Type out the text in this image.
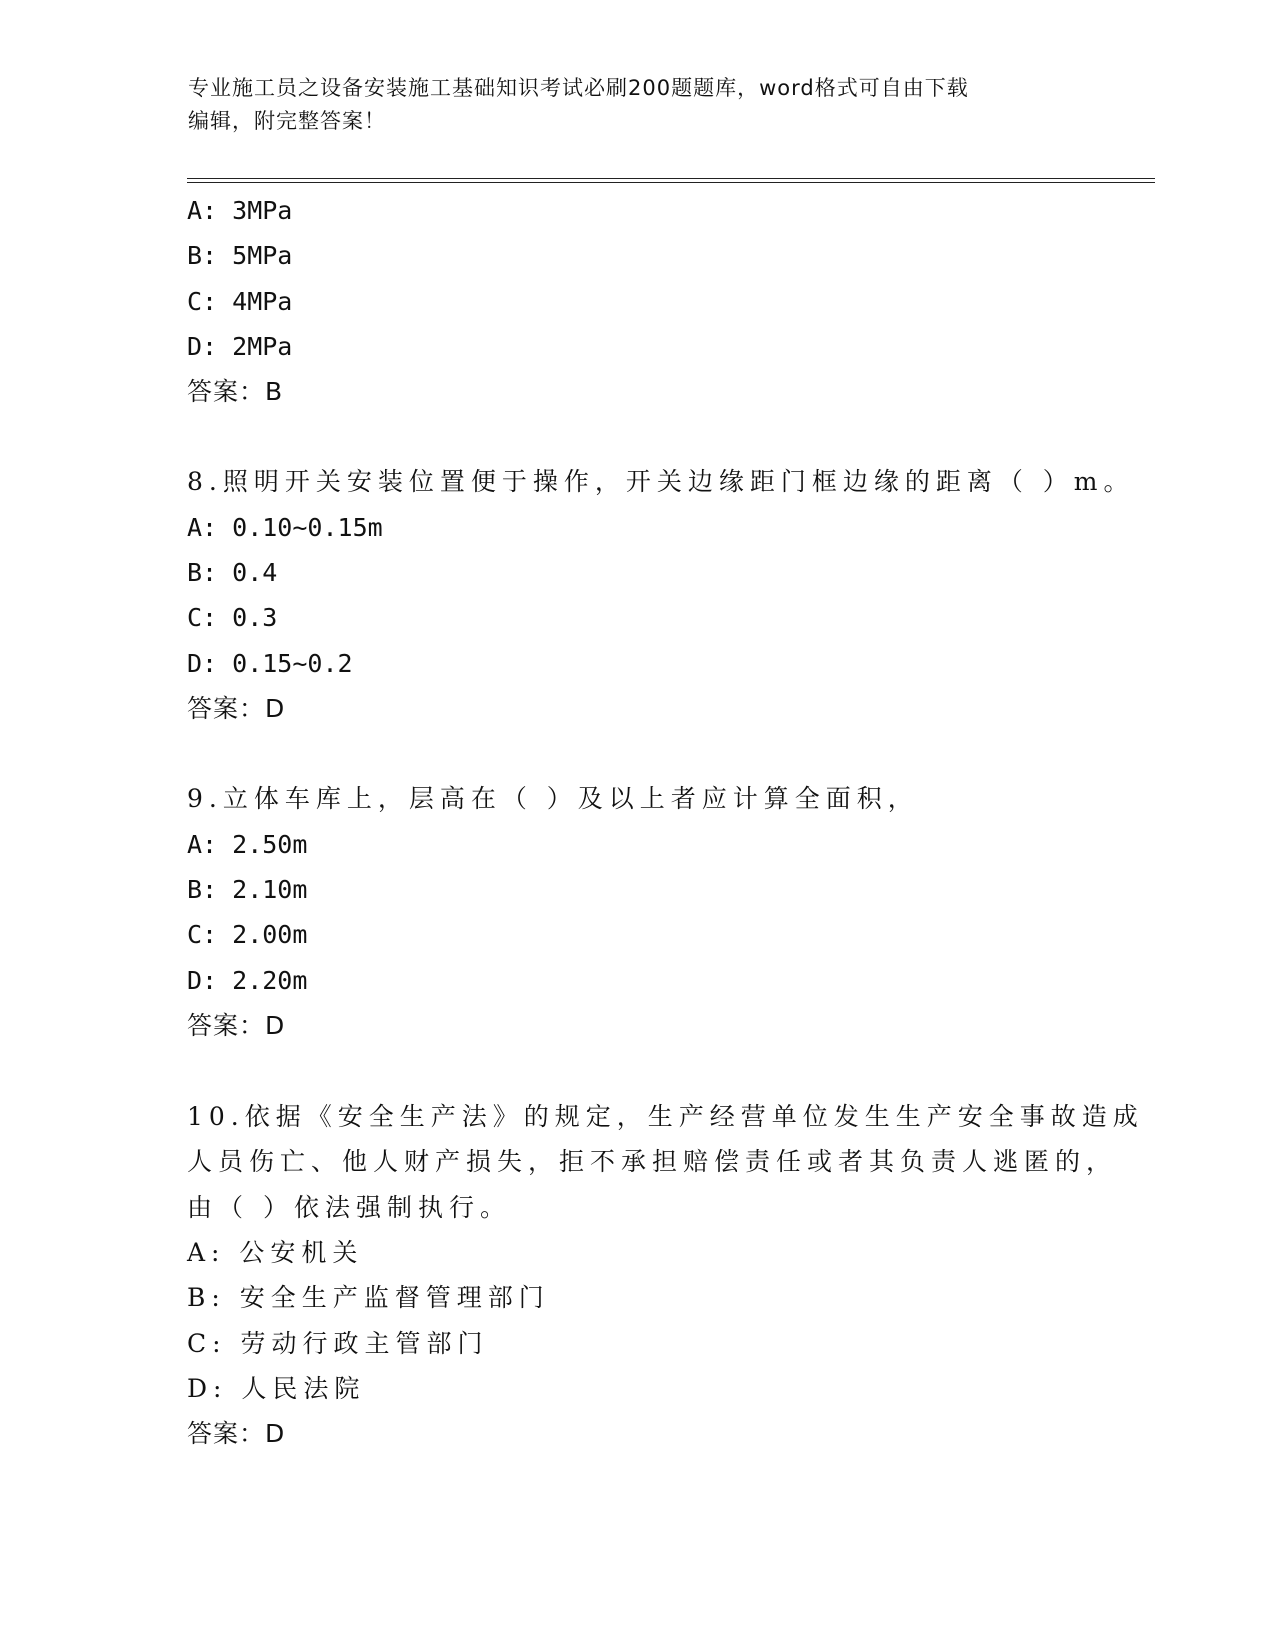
专业施工员之设备安装施工基础知识考试必刷200题题库，word格式可自由下载
编辑，附完整答案！
A: 3MPa
B: 5MPa
C: 4MPa
D: 2MPa
答案：B
8.照明开关安装位置便于操作，开关边缘距门框边缘的距离（ ）m。
A: 0.10~0.15m
B: 0.4
C: 0.3
D: 0.15~0.2
答案：D
9.立体车库上，层高在（ ）及以上者应计算全面积，
A: 2.50m
B: 2.10m
C: 2.00m
D: 2.20m
答案：D
10.依据《安全生产法》的规定，生产经营单位发生生产安全事故造成
人员伤亡、他人财产损失，拒不承担赔偿责任或者其负责人逃匿的，
由（ ）依法强制执行。
A: 公安机关
B: 安全生产监督管理部门
C: 劳动行政主管部门
D: 人民法院
答案：D
